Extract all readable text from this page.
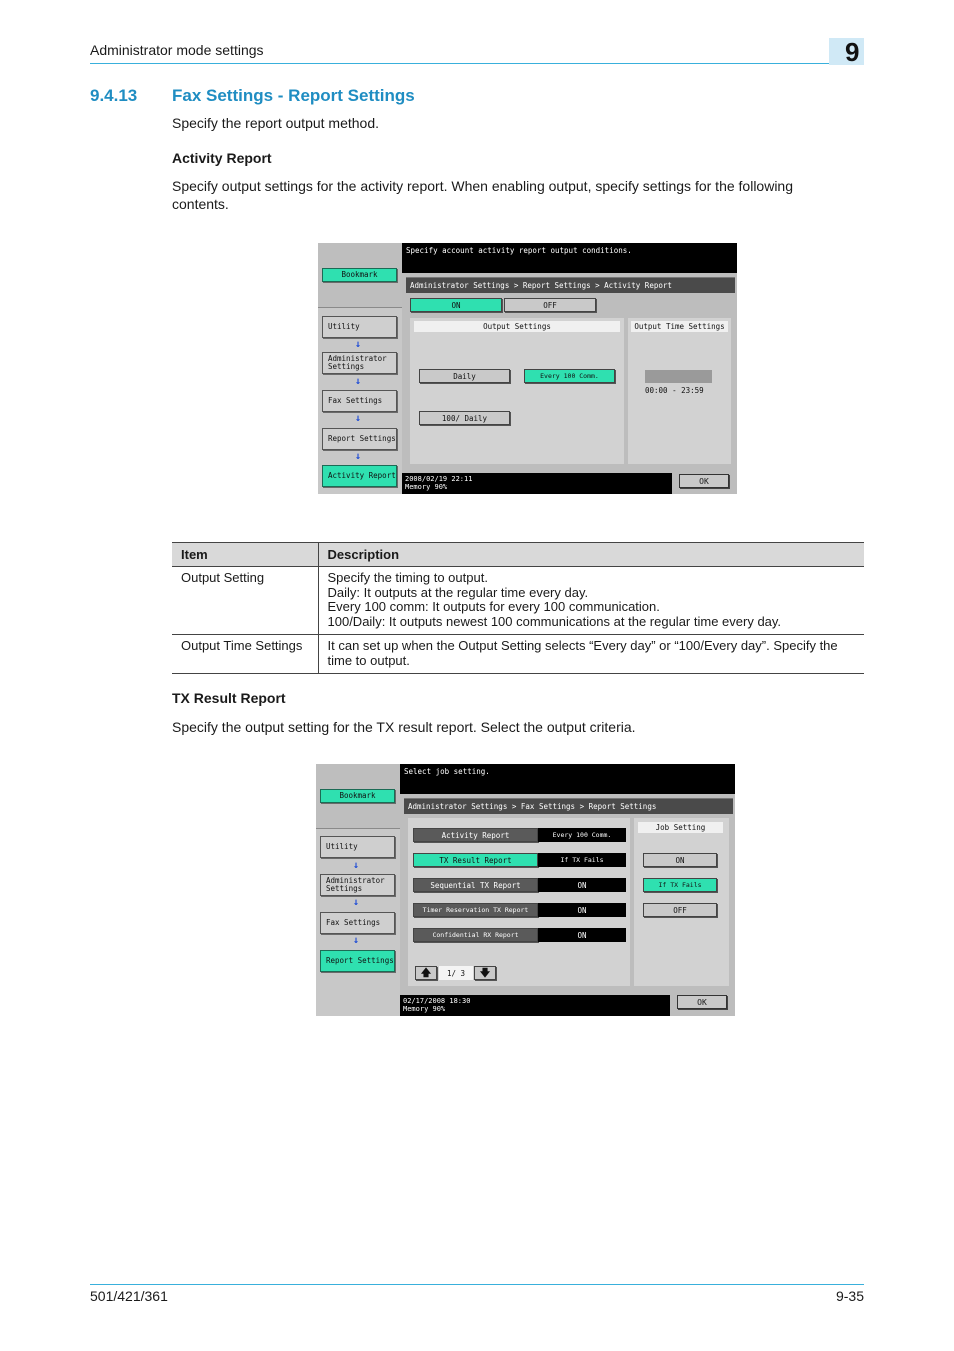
Administrator mode settings	9
9.4.13 Fax Settings - Report Settings
Specify the report output method.
Activity Report
Specify output settings for the activity report. When enabling output, specify settings for the following contents.
Bookmark
Utility
↓
Administrator Settings
↓
Fax Settings
↓
Report Settings
↓
Activity Report
Specify account activity report output conditions.
Administrator Settings > Report Settings > Activity Report
ON	OFF
Output Settings
Daily	Every 100 Comm.
100/ Daily
Output Time Settings
00:00 - 23:59
2008/02/19 22:11
Memory 90%
OK
Item	Description
Output Setting	Specify the timing to output.
Daily: It outputs at the regular time every day.
Every 100 comm: It outputs for every 100 communication.
100/Daily: It outputs newest 100 communications at the regular time every day.

Output Time Settings	It can set up when the Output Setting selects “Every day” or “100/Every day”. Specify the time to output.
TX Result Report
Specify the output setting for the TX result report. Select the output criteria.
Bookmark
Utility
↓
Administrator Settings
↓
Fax Settings
↓
Report Settings
Select job setting.
Administrator Settings > Fax Settings > Report Settings
Activity Report	Every 100 Comm.
TX Result Report	If TX Fails
Sequential TX Report	ON
Timer Reservation TX Report	ON
Confidential RX Report	ON
🡅	1/ 3	🡇
Job Setting
ON
If TX Fails
OFF
02/17/2008 18:30
Memory 90%
OK
501/421/361	9-35
